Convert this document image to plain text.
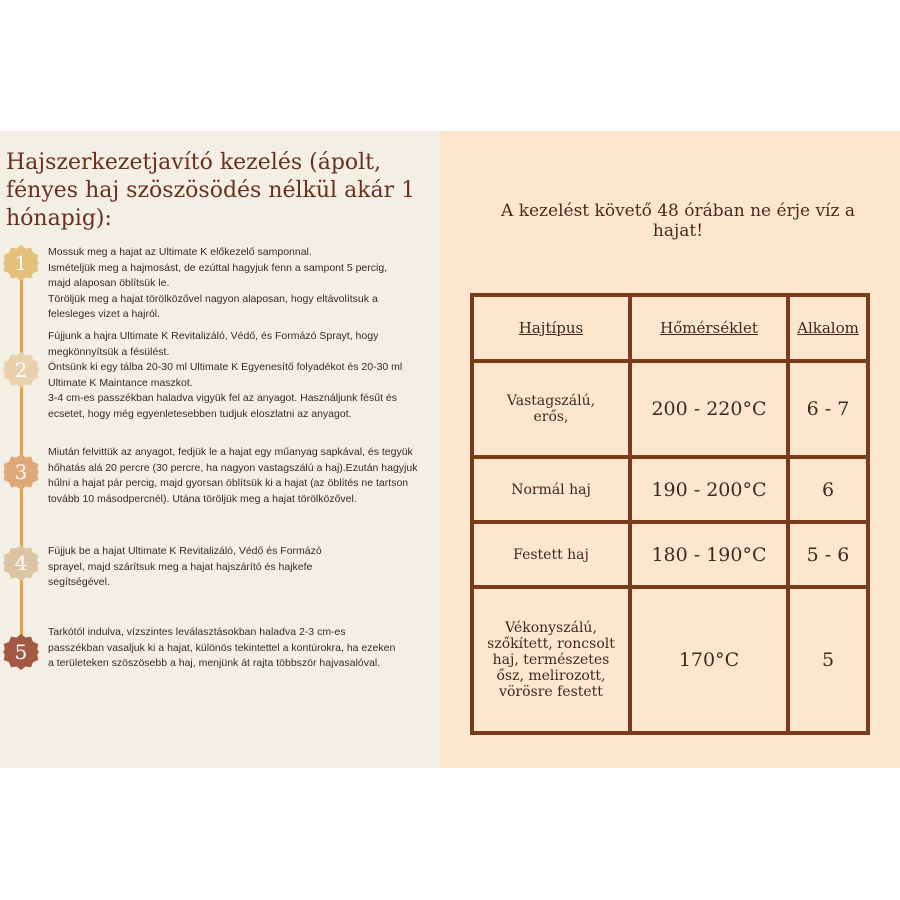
Hajszerkezetjavító kezelés (ápolt, fényes haj szöszösödés nélkül akár 1 hónapig):
1	Mossuk meg a hajat az Ultimate K előkezelő samponnal.

Ismételjük meg a hajmosást, de ezúttal hagyjuk fenn a sampont 5 percig, majd alaposan öblítsük le.

Töröljük meg a hajat törölközővel nagyon alaposan, hogy eltávolítsuk a felesleges vizet a hajról.

2

Fújjunk a hajra Ultimate K Revitalizáló, Védő, és Formázó Sprayt, hogy megkönnyítsük a fésülést.

Öntsünk ki egy tálba 20-30 ml Ultimate K Egyenesítő folyadékot és 20-30 ml Ultimate K Maintance maszkot.

3-4 cm-es passzékban haladva vigyük fel az anyagot. Használjunk fésűt és ecsetet, hogy még egyenletesebben tudjuk eloszlatni az anyagot.

3

Miután felvittük az anyagot, fedjük le a hajat egy műanyag sapkával, és tegyük hőhatás alá 20 percre (30 percre, ha nagyon vastagszálú a haj).Ezután hagyjuk hűlni a hajat pár percig, majd gyorsan öblítsük ki a hajat (az öblítés ne tartson tovább 10 másodpercnél). Utána töröljük meg a hajat törölközővel.

4	Fújjuk be a hajat Ultimate K Revitalizáló, Védő és Formázó sprayel, majd szárítsuk meg a hajat hajszárító és hajkefe segítségével.

5

Tarkótól indulva, vízszintes leválasztásokban haladva 2-3 cm-es passzékban vasaljuk ki a hajat, különös tekintettel a kontúrokra, ha ezeken a területeken szöszösebb a haj, menjünk át rajta többször hajvasalóval.

A kezelést követő 48 órában ne érje víz a hajat!
Hajtípus	Hőmérséklet	Alkalom

Vastagszálú, erős,	200 - 220°C	6 - 7
Normál haj	190 - 200°C	6
Festett haj	180 - 190°C	5 - 6

Vékonyszálú, szőkített, roncsolt haj, természetes ősz, melirozott, vörösre festett	170°C	5
